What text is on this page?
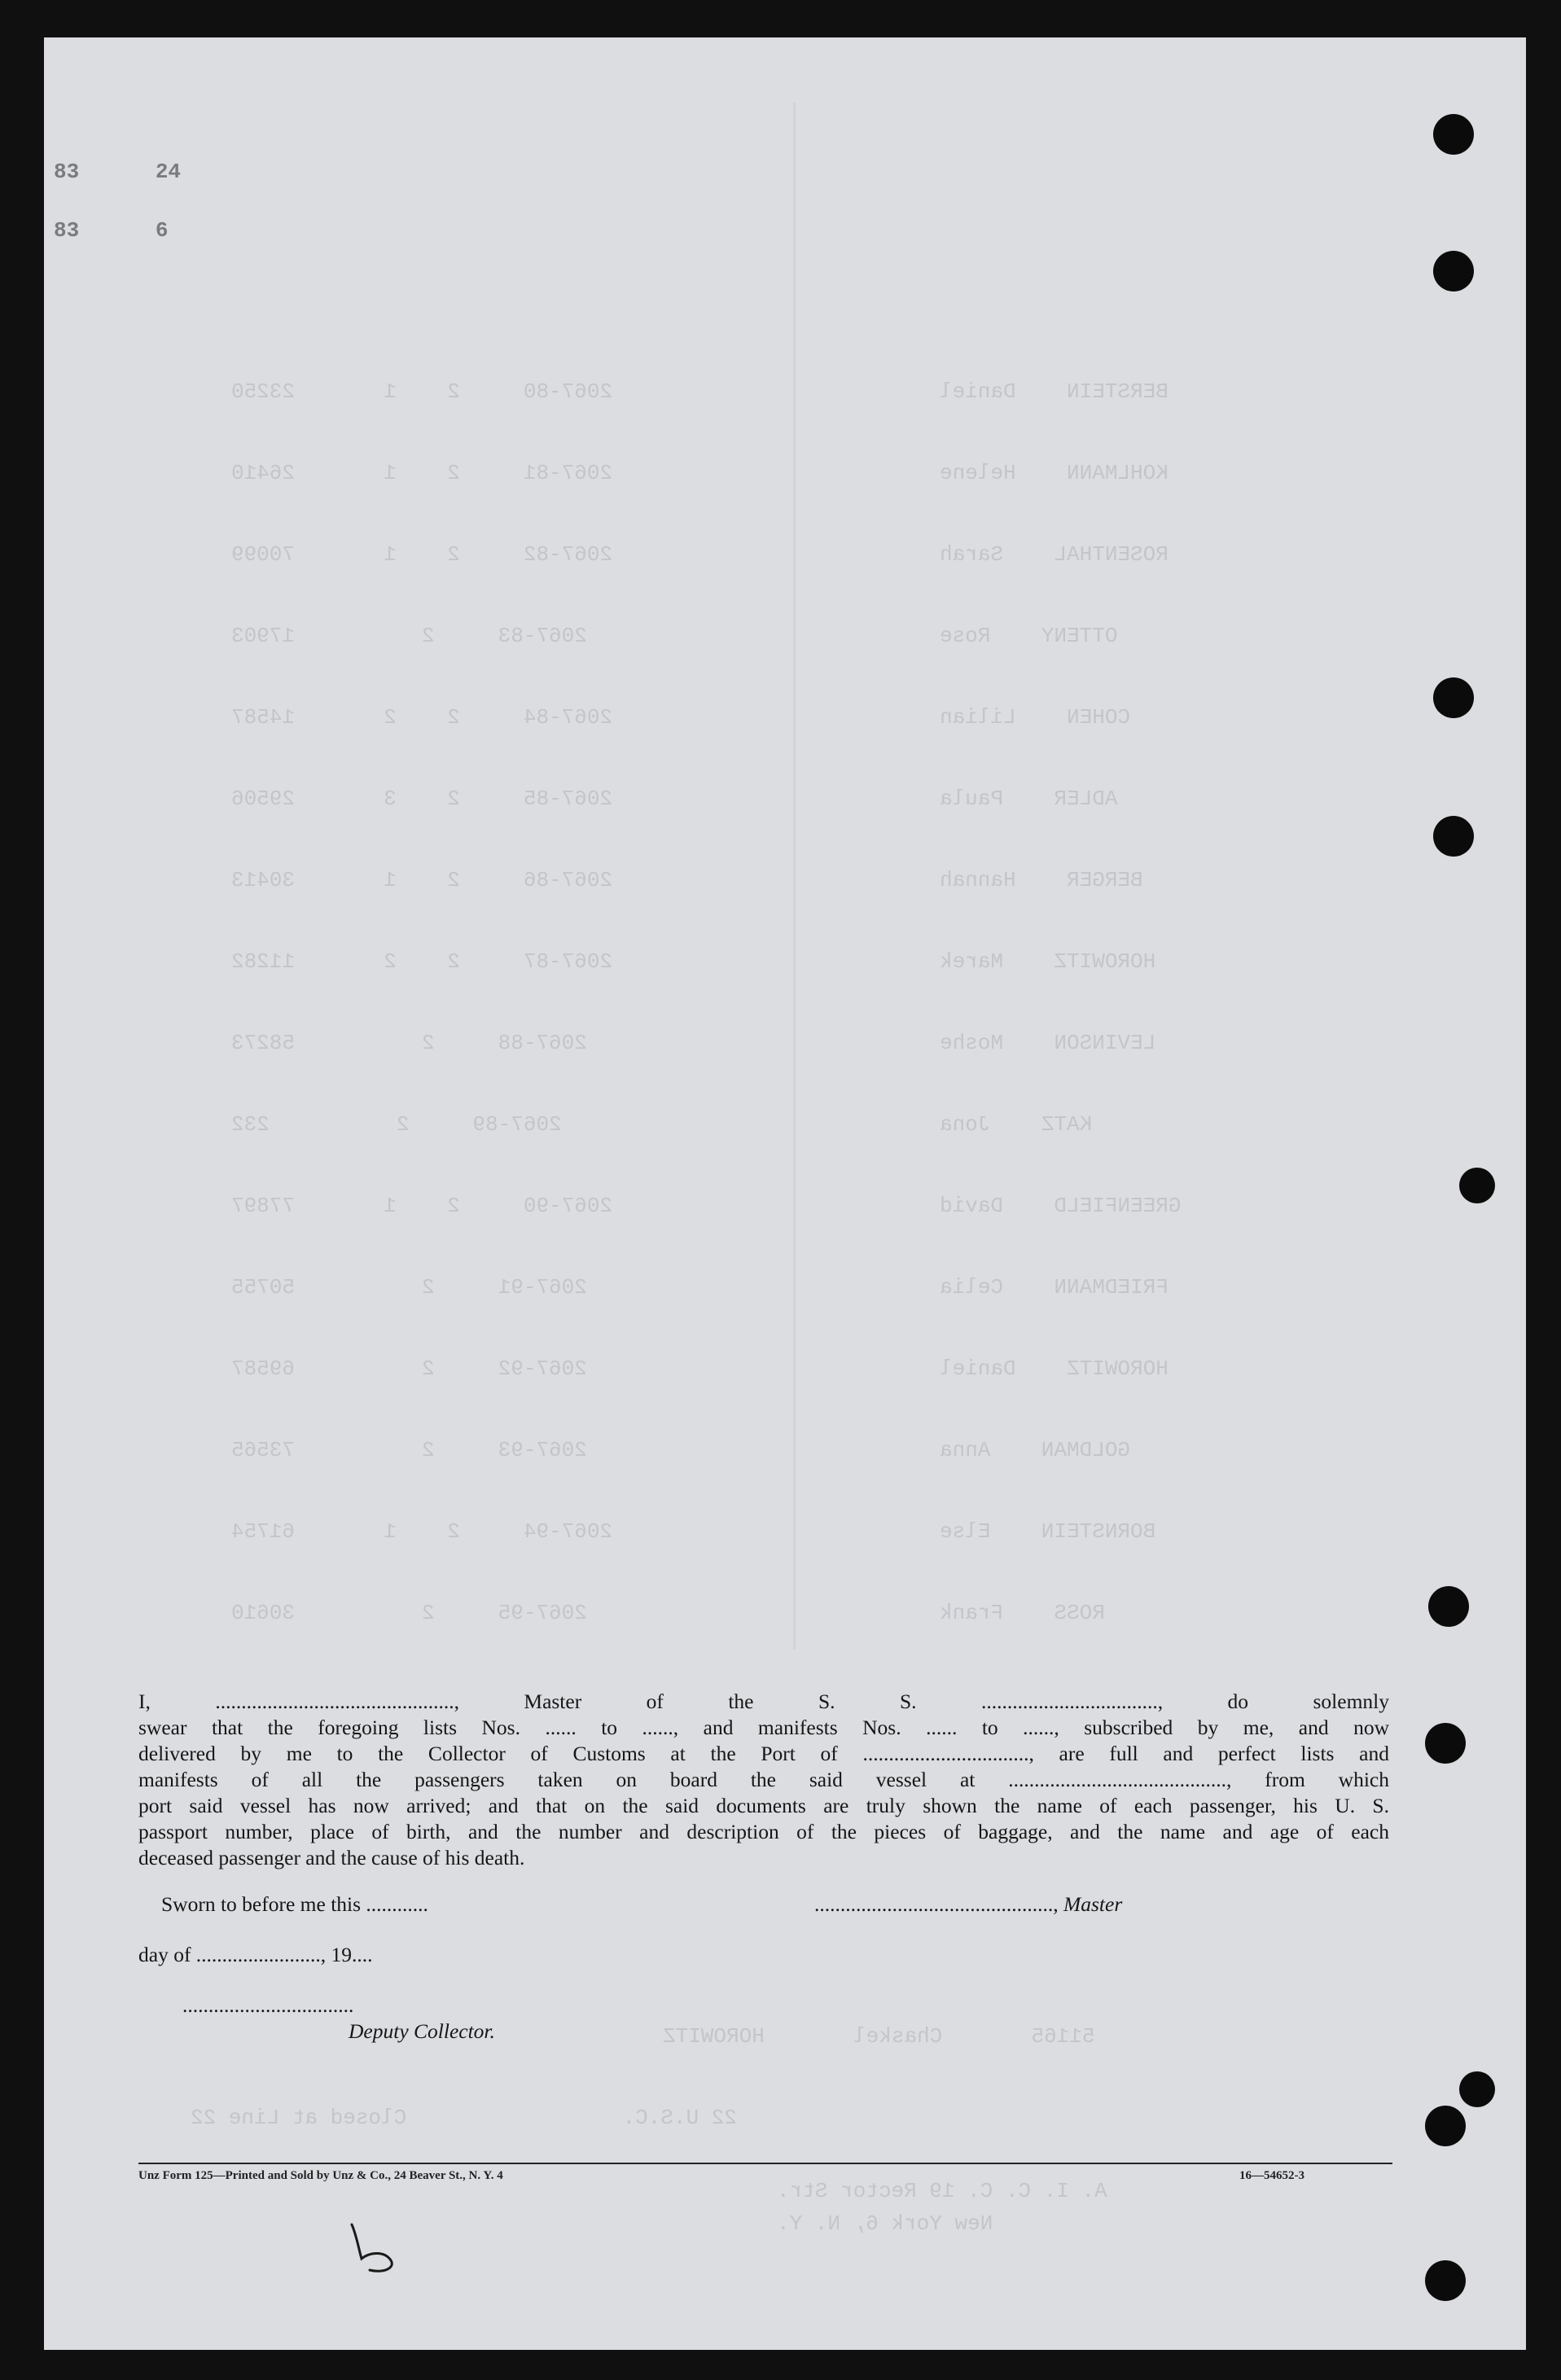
83      24
83      6

2067-80     2    1       23250	BERSTEIN    Daniel
2067-81     2    1       26410	KOHLMANN    Helene
2067-82     2    1       70099	ROSENTHAL    Sarah
2067-83     2          17903	OTTENY    Rose
2067-84     2    2       14587	COHEN    Lilian
2067-85     2    3       29506	ADLER    Paula
2067-86     2    1       30413	BERGER    Hannah
2067-87     2    2       11282	HOROWITZ    Marek
2067-88     2          58273	LEVINSON    Moshe
2067-89     2          232	KATZ    Jona
2067-90     2    1       77897	GREENFIELD    David
2067-91     2          50755	FRIEDMANN    Celia
2067-92     2          69587	HOROWITZ    Daniel
2067-93     2          73565	GOLDMAN    Anna
2067-94     2    1       61754	BORNSTEIN    Else
2067-95     2          30610	ROSS    Frank
51165       Chaskel       HOROWITZ
22 U.S.C.                 Closed at Line 22
A. I. C. C. 19 Rector Str.
New York 6, N. Y.

I, .............................................., Master of the S. S. .................................., do solemnly

swear that the foregoing lists Nos. ...... to ......, and manifests Nos. ...... to ......, subscribed by me, and now

delivered by me to the Collector of Customs at the Port of ................................, are full and perfect lists and

manifests of all the passengers taken on board the said vessel at .........................................., from which

port said vessel has now arrived; and that on the said documents are truly shown the name of each passenger, his U. S.

passport number, place of birth, and the number and description of the pieces of baggage, and the name and age of each

deceased passenger and the cause of his death.

Sworn to before me this ............	.............................................., Master
day of ........................, 19....
.................................
Deputy Collector.
Unz Form 125—Printed and Sold by Unz & Co., 24 Beaver St., N. Y. 4	16—54652-3
